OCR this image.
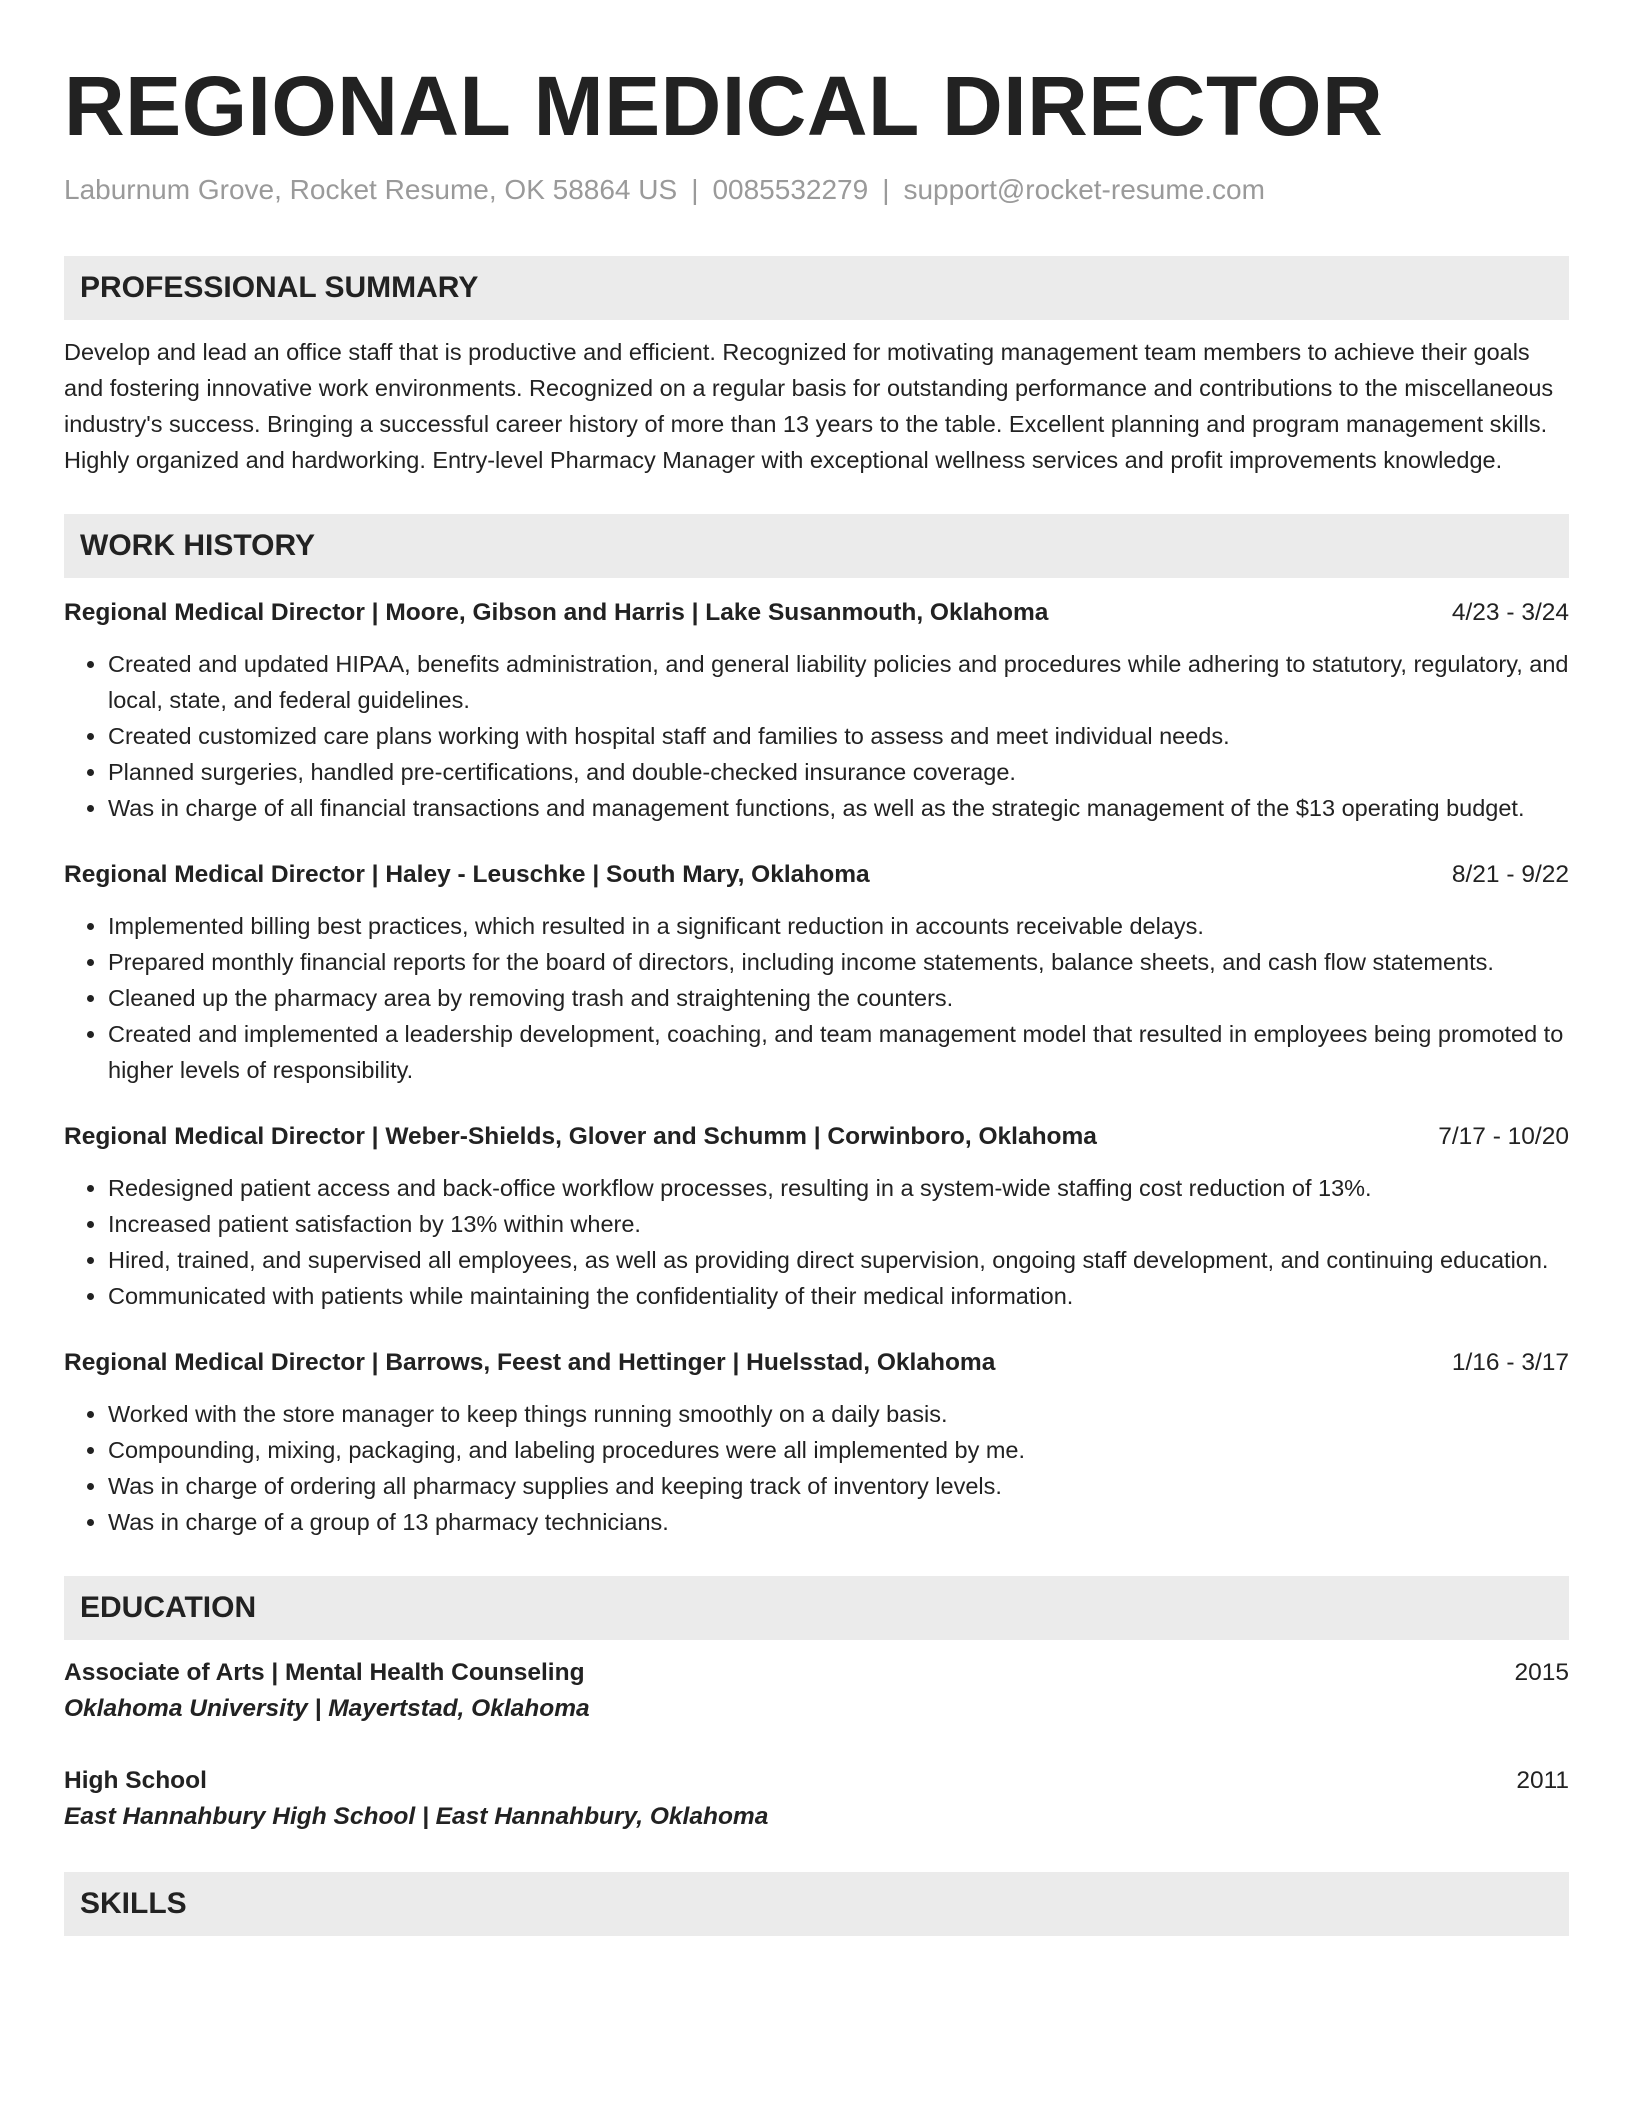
REGIONAL MEDICAL DIRECTOR
Laburnum Grove, Rocket Resume, OK 58864 US | 0085532279 | support@rocket-resume.com
PROFESSIONAL SUMMARY
Develop and lead an office staff that is productive and efficient. Recognized for motivating management team members to achieve their goals and fostering innovative work environments. Recognized on a regular basis for outstanding performance and contributions to the miscellaneous industry's success. Bringing a successful career history of more than 13 years to the table. Excellent planning and program management skills. Highly organized and hardworking. Entry-level Pharmacy Manager with exceptional wellness services and profit improvements knowledge.
WORK HISTORY
Regional Medical Director | Moore, Gibson and Harris | Lake Susanmouth, Oklahoma	4/23 - 3/24
• Created and updated HIPAA, benefits administration, and general liability policies and procedures while adhering to statutory, regulatory, and local, state, and federal guidelines.
• Created customized care plans working with hospital staff and families to assess and meet individual needs.
• Planned surgeries, handled pre-certifications, and double-checked insurance coverage.
• Was in charge of all financial transactions and management functions, as well as the strategic management of the $13 operating budget.
Regional Medical Director | Haley - Leuschke | South Mary, Oklahoma	8/21 - 9/22
• Implemented billing best practices, which resulted in a significant reduction in accounts receivable delays.
• Prepared monthly financial reports for the board of directors, including income statements, balance sheets, and cash flow statements.
• Cleaned up the pharmacy area by removing trash and straightening the counters.
• Created and implemented a leadership development, coaching, and team management model that resulted in employees being promoted to higher levels of responsibility.
Regional Medical Director | Weber-Shields, Glover and Schumm | Corwinboro, Oklahoma	7/17 - 10/20
• Redesigned patient access and back-office workflow processes, resulting in a system-wide staffing cost reduction of 13%.
• Increased patient satisfaction by 13% within where.
• Hired, trained, and supervised all employees, as well as providing direct supervision, ongoing staff development, and continuing education.
• Communicated with patients while maintaining the confidentiality of their medical information.
Regional Medical Director | Barrows, Feest and Hettinger | Huelsstad, Oklahoma	1/16 - 3/17
• Worked with the store manager to keep things running smoothly on a daily basis.
• Compounding, mixing, packaging, and labeling procedures were all implemented by me.
• Was in charge of ordering all pharmacy supplies and keeping track of inventory levels.
• Was in charge of a group of 13 pharmacy technicians.
EDUCATION
Associate of Arts | Mental Health Counseling	2015
Oklahoma University | Mayertstad, Oklahoma
High School	2011
East Hannahbury High School | East Hannahbury, Oklahoma
SKILLS
